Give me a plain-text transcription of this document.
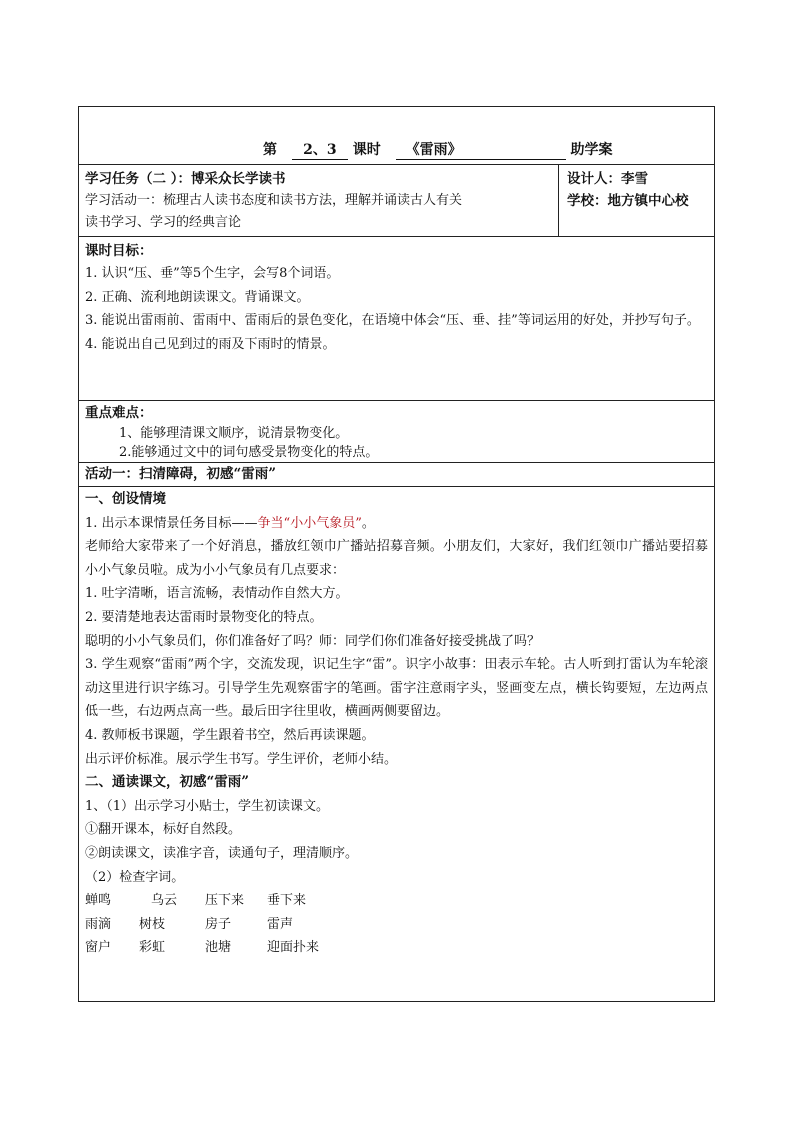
第 2、3 课时 《雷雨》	助学案
学习任务（二 ）：博采众长学读书
学习活动一：梳理古人读书态度和读书方法，理解并诵读古人有关
读书学习、学习的经典言论
设计人：李雪
学校：地方镇中心校
课时目标：

1. 认识“压、垂”等5个生字，会写8个词语。

2. 正确、流利地朗读课文。背诵课文。

3. 能说出雷雨前、雷雨中、雷雨后的景色变化，在语境中体会“压、垂、挂”等词运用的好处，并抄写句子。

4. 能说出自己见到过的雨及下雨时的情景。

重点难点：

1、能够理清课文顺序，说清景物变化。

2.能够通过文中的词句感受景物变化的特点。

活动一：扫清障碍，初感“雷雨”

一、创设情境

1. 出示本课情景任务目标——争当“小小气象员”。

老师给大家带来了一个好消息，播放红领巾广播站招募音频。小朋友们，大家好，我们红领巾广播站要招募小小气象员啦。成为小小气象员有几点要求：

1. 吐字清晰，语言流畅，表情动作自然大方。

2. 要清楚地表达雷雨时景物变化的特点。

聪明的小小气象员们，你们准备好了吗？师：同学们你们准备好接受挑战了吗？

3. 学生观察“雷雨”两个字，交流发现，识记生字“雷”。识字小故事：田表示车轮。古人听到打雷认为车轮滚动这里进行识字练习。引导学生先观察雷字的笔画。雷字注意雨字头，竖画变左点，横长钩要短，左边两点低一些，右边两点高一些。最后田字往里收，横画两侧要留边。

4. 教师板书课题，学生跟着书空，然后再读课题。

出示评价标准。展示学生书写。学生评价，老师小结。

二、通读课文，初感“雷雨”

1、（1）出示学习小贴士，学生初读课文。

①翻开课本，标好自然段。

②朗读课文，读准字音，读通句子，理清顺序。

（2）检查字词。

蝉鸣	乌云 压下来 垂下来
雨滴 树枝	房子	雷声
窗户 彩虹	池塘	迎面扑来
